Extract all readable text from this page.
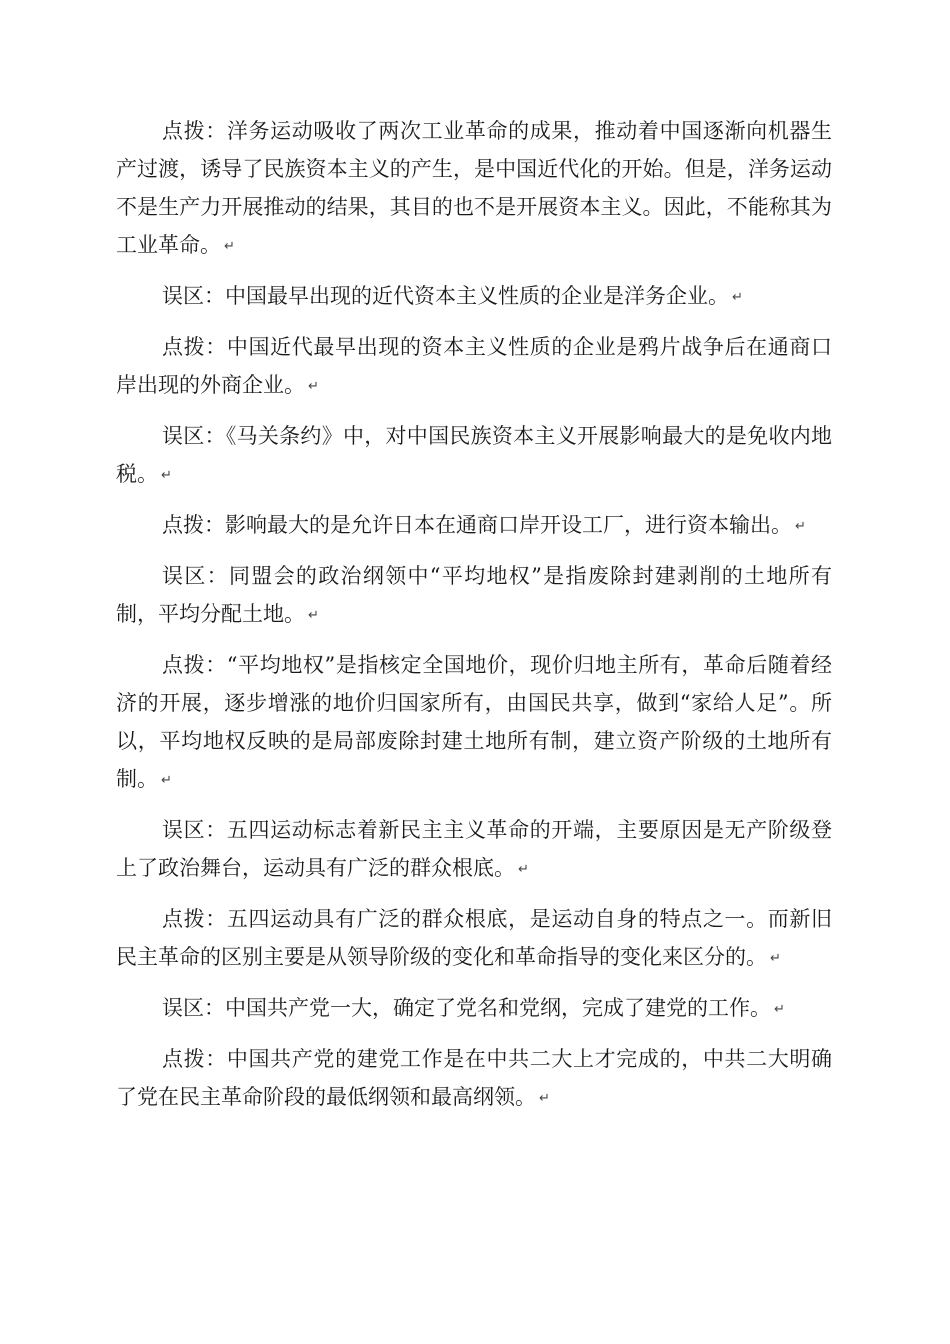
点拨：洋务运动吸收了两次工业革命的成果，推动着中国逐渐向机器生产过渡，诱导了民族资本主义的产生，是中国近代化的开始。但是，洋务运动不是生产力开展推动的结果，其目的也不是开展资本主义。因此，不能称其为工业革命。 ↵

误区：中国最早出现的近代资本主义性质的企业是洋务企业。 ↵

点拨：中国近代最早出现的资本主义性质的企业是鸦片战争后在通商口岸出现的外商企业。 ↵

误区：《马关条约》中，对中国民族资本主义开展影响最大的是免收内地税。 ↵

点拨：影响最大的是允许日本在通商口岸开设工厂，进行资本输出。 ↵

误区：同盟会的政治纲领中“平均地权”是指废除封建剥削的土地所有制，平均分配土地。 ↵

点拨：“平均地权”是指核定全国地价，现价归地主所有，革命后随着经济的开展，逐步增涨的地价归国家所有，由国民共享，做到“家给人足”。所以，平均地权反映的是局部废除封建土地所有制，建立资产阶级的土地所有制。 ↵

误区：五四运动标志着新民主主义革命的开端，主要原因是无产阶级登上了政治舞台，运动具有广泛的群众根底。 ↵

点拨：五四运动具有广泛的群众根底，是运动自身的特点之一。而新旧民主革命的区别主要是从领导阶级的变化和革命指导的变化来区分的。 ↵

误区：中国共产党一大，确定了党名和党纲，完成了建党的工作。 ↵

点拨：中国共产党的建党工作是在中共二大上才完成的，中共二大明确了党在民主革命阶段的最低纲领和最高纲领。 ↵
